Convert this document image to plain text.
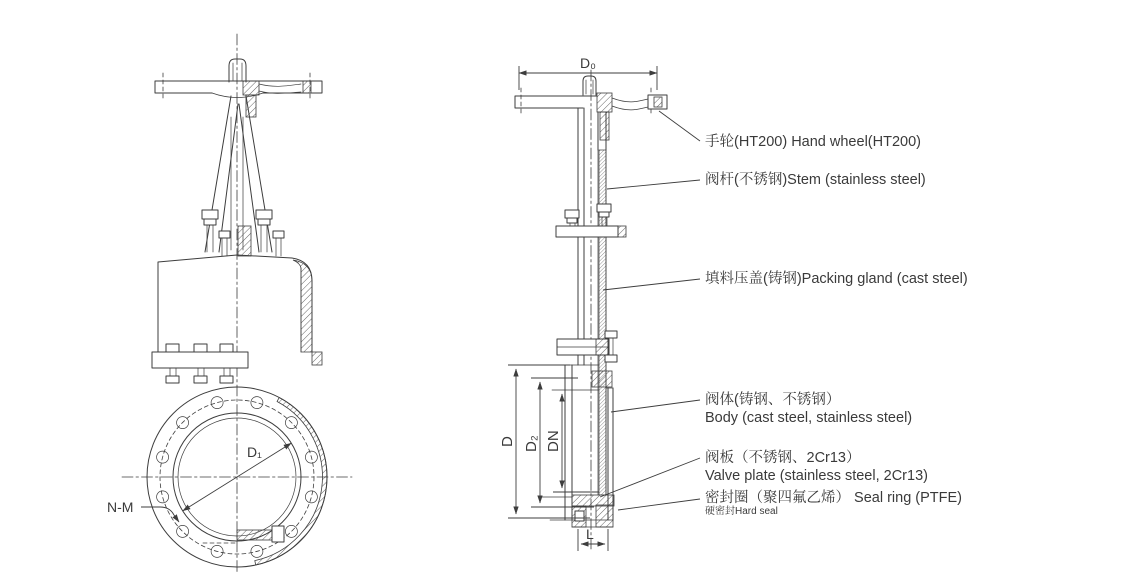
D₁
N-M
D₀
D D₂ DN
L
手轮(HT200) Hand wheel(HT200)
阀杆(不锈钢)Stem (stainless steel)
填料压盖(铸钢)Packing gland (cast steel)
阀体(铸钢、不锈钢）
Body (cast steel, stainless steel)
阀板（不锈钢、2Cr13）
Valve plate (stainless steel, 2Cr13)
密封圈（聚四氟乙烯） Seal ring (PTFE)
硬密封Hard seal
